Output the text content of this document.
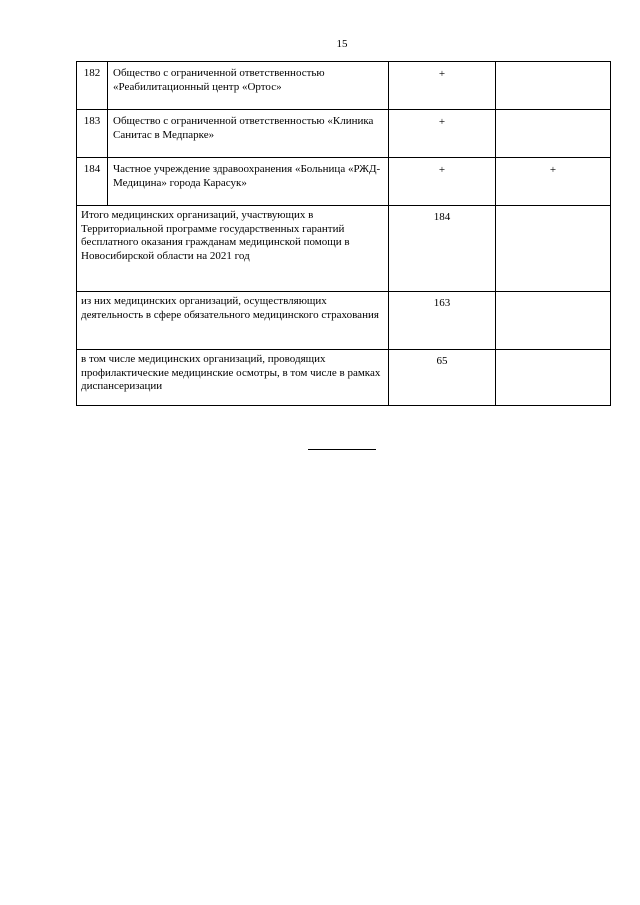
15
182	Общество с ограниченной ответственностью «Реабилитационный центр «Ортос»	+	
183	Общество с ограниченной ответственностью «Клиника Санитас в Медпарке»	+	
184	Частное учреждение здравоохранения «Больница «РЖД-Медицина» города Карасук»	+	+
Итого медицинских организаций, участвующих в Территориальной программе государственных гарантий бесплатного оказания гражданам медицинской помощи в Новосибирской области на 2021 год		184	
из них медицинских организаций, осуществляющих деятельность в сфере обязательного медицинского страхования		163	
в том числе медицинских организаций, проводящих профилактические медицинские осмотры, в том числе в рамках диспансеризации		65	
